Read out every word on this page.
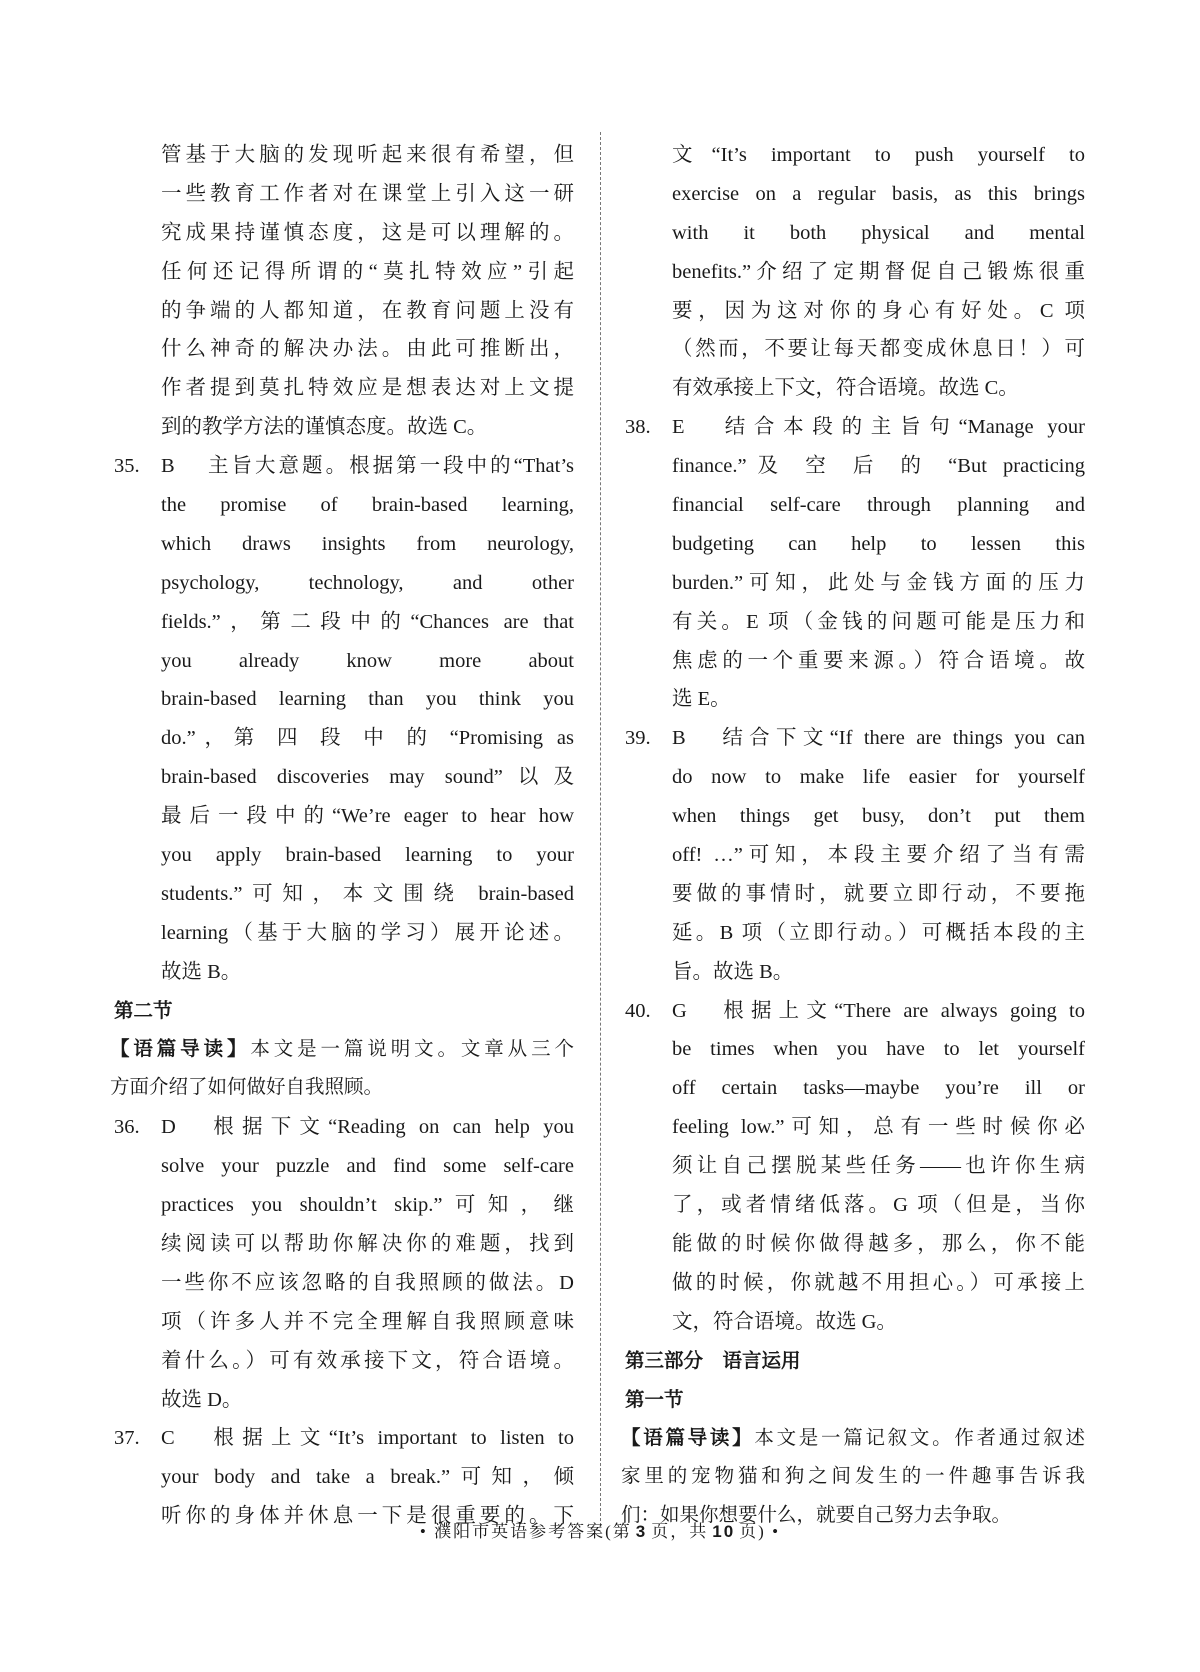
管基于大脑的发现听起来很有希望，但
一些教育工作者对在课堂上引入这一研
究成果持谨慎态度，这是可以理解的。
任何还记得所谓的“莫扎特效应”引起
的争端的人都知道，在教育问题上没有
什么神奇的解决办法。由此可推断出，
作者提到莫扎特效应是想表达对上文提
到的教学方法的谨慎态度。故选 C。
35. B 主旨大意题。根据第一段中的“That’s
the promise of brain-based learning,
which draws insights from neurology,
psychology, technology, and other
fields.”，第二段中的“Chances are that
you already know more about
brain-based learning than you think you
do.”，第 四 段 中 的 “Promising as
brain-based discoveries may sound”以及
最后一段中的“We’re eager to hear how
you apply brain-based learning to your
students.”可知，本文围绕 brain-based
learning（基于大脑的学习）展开论述。
故选 B。
第二节
【语篇导读】本文是一篇说明文。文章从三个
方面介绍了如何做好自我照顾。
36. D 根据下文“Reading on can help you
solve your puzzle and find some self-care
practices you shouldn’t skip.”可知，继
续阅读可以帮助你解决你的难题，找到
一些你不应该忽略的自我照顾的做法。D
项（许多人并不完全理解自我照顾意味
着什么。）可有效承接下文，符合语境。
故选 D。
37. C 根据上文“It’s important to listen to
your body and take a break.”可知，倾
听你的身体并休息一下是很重要的。下
文“It’s important to push yourself to
exercise on a regular basis, as this brings
with it both physical and mental
benefits.”介绍了定期督促自己锻炼很重
要，因为这对你的身心有好处。C 项
（然而，不要让每天都变成休息日！）可
有效承接上下文，符合语境。故选 C。
38. E 结合本段的主旨句“Manage your
finance.”及 空 后 的 “But practicing
financial self-care through planning and
budgeting can help to lessen this
burden.”可知，此处与金钱方面的压力
有关。E 项（金钱的问题可能是压力和
焦虑的一个重要来源。）符合语境。故
选 E。
39. B 结合下文“If there are things you can
do now to make life easier for yourself
when things get busy, don’t put them
off! …”可知，本段主要介绍了当有需
要做的事情时，就要立即行动，不要拖
延。B 项（立即行动。）可概括本段的主
旨。故选 B。
40. G 根据上文“There are always going to
be times when you have to let yourself
off certain tasks—maybe you’re ill or
feeling low.”可知，总有一些时候你必
须让自己摆脱某些任务——也许你生病
了，或者情绪低落。G 项（但是，当你
能做的时候你做得越多，那么，你不能
做的时候，你就越不用担心。）可承接上
文，符合语境。故选 G。
第三部分　语言运用
第一节
【语篇导读】本文是一篇记叙文。作者通过叙述
家里的宠物猫和狗之间发生的一件趣事告诉我
们：如果你想要什么，就要自己努力去争取。
• 濮阳市英语参考答案(第 3 页，共 10 页) •
